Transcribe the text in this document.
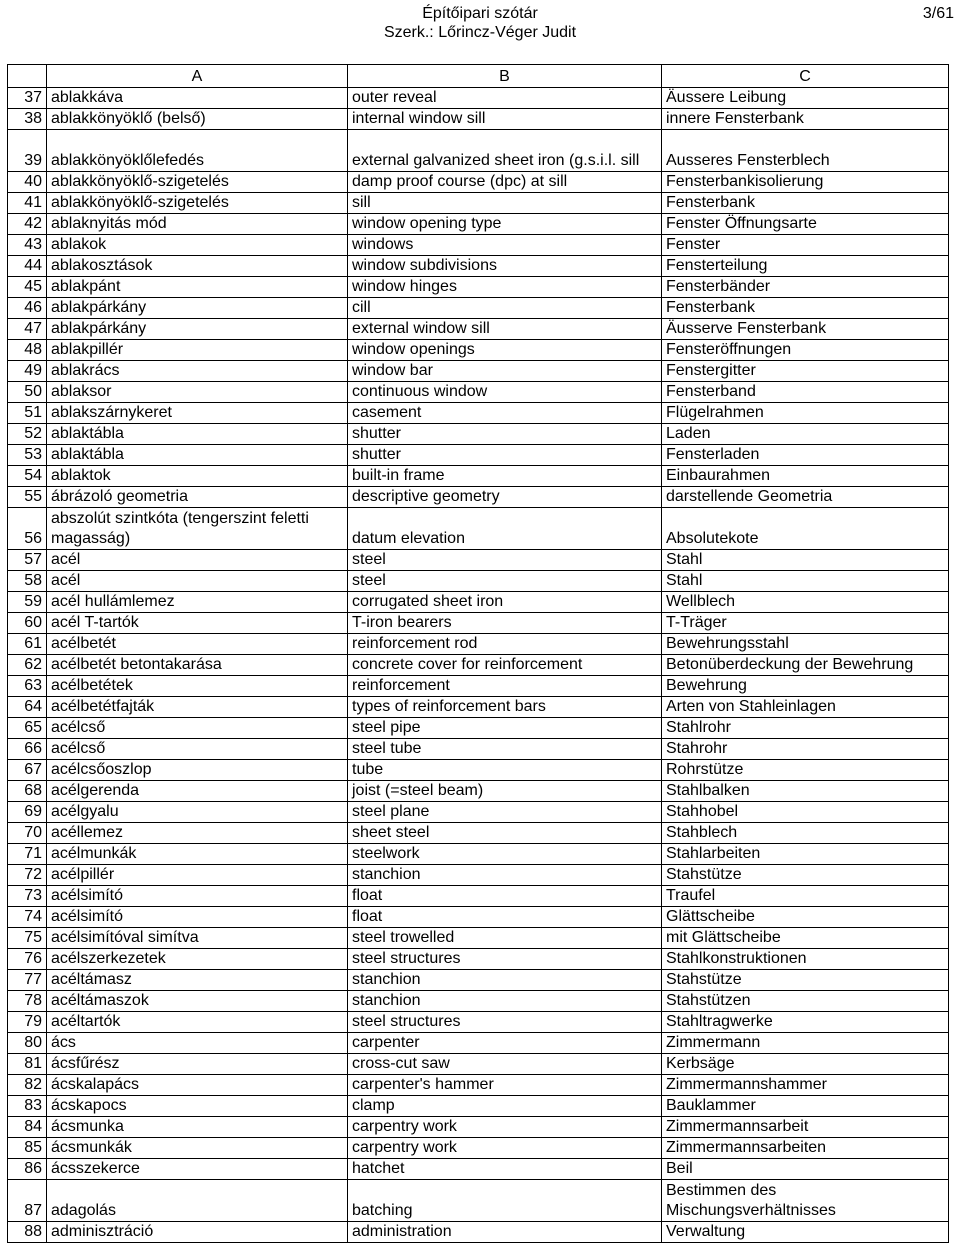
Építőipari szótár
Szerk.: Lőrincz-Véger Judit
3/61
	A	B	C
37	ablakkáva	outer reveal	Äussere Leibung
38	ablakkönyöklő (belső)	internal window sill	innere Fensterbank
39	ablakkönyöklőlefedés	external galvanized sheet iron (g.s.i.l. sill	Ausseres Fensterblech
40	ablakkönyöklő-szigetelés	damp proof course (dpc) at sill	Fensterbankisolierung
41	ablakkönyöklő-szigetelés	sill	Fensterbank
42	ablaknyitás mód	window opening type	Fenster Öffnungsarte
43	ablakok	windows	Fenster
44	ablakosztások	window subdivisions	Fensterteilung
45	ablakpánt	window hinges	Fensterbänder
46	ablakpárkány	cill	Fensterbank
47	ablakpárkány	external window sill	Äusserve Fensterbank
48	ablakpillér	window openings	Fensteröffnungen
49	ablakrács	window bar	Fenstergitter
50	ablaksor	continuous window	Fensterband
51	ablakszárnykeret	casement	Flügelrahmen
52	ablaktábla	shutter	Laden
53	ablaktábla	shutter	Fensterladen
54	ablaktok	built-in frame	Einbaurahmen
55	ábrázoló geometria	descriptive geometry	darstellende Geometria
56	abszolút szintkóta (tengerszint feletti magasság)	datum elevation	Absolutekote
57	acél	steel	Stahl
58	acél	steel	Stahl
59	acél hullámlemez	corrugated sheet iron	Wellblech
60	acél T-tartók	T-iron bearers	T-Träger
61	acélbetét	reinforcement rod	Bewehrungsstahl
62	acélbetét betontakarása	concrete cover for reinforcement	Betonüberdeckung der Bewehrung
63	acélbetétek	reinforcement	Bewehrung
64	acélbetétfajták	types of reinforcement bars	Arten von Stahleinlagen
65	acélcső	steel pipe	Stahlrohr
66	acélcső	steel tube	Stahrohr
67	acélcsőoszlop	tube	Rohrstütze
68	acélgerenda	joist (=steel beam)	Stahlbalken
69	acélgyalu	steel plane	Stahhobel
70	acéllemez	sheet steel	Stahblech
71	acélmunkák	steelwork	Stahlarbeiten
72	acélpillér	stanchion	Stahstütze
73	acélsimító	float	Traufel
74	acélsimító	float	Glättscheibe
75	acélsimítóval simítva	steel trowelled	mit Glättscheibe
76	acélszerkezetek	steel structures	Stahlkonstruktionen
77	acéltámasz	stanchion	Stahstütze
78	acéltámaszok	stanchion	Stahstützen
79	acéltartók	steel structures	Stahltragwerke
80	ács	carpenter	Zimmermann
81	ácsfűrész	cross-cut saw	Kerbsäge
82	ácskalapács	carpenter's hammer	Zimmermannshammer
83	ácskapocs	clamp	Bauklammer
84	ácsmunka	carpentry work	Zimmermannsarbeit
85	ácsmunkák	carpentry work	Zimmermannsarbeiten
86	ácsszekerce	hatchet	Beil
87	adagolás	batching	Bestimmen des Mischungsverhältnisses
88	adminisztráció	administration	Verwaltung
